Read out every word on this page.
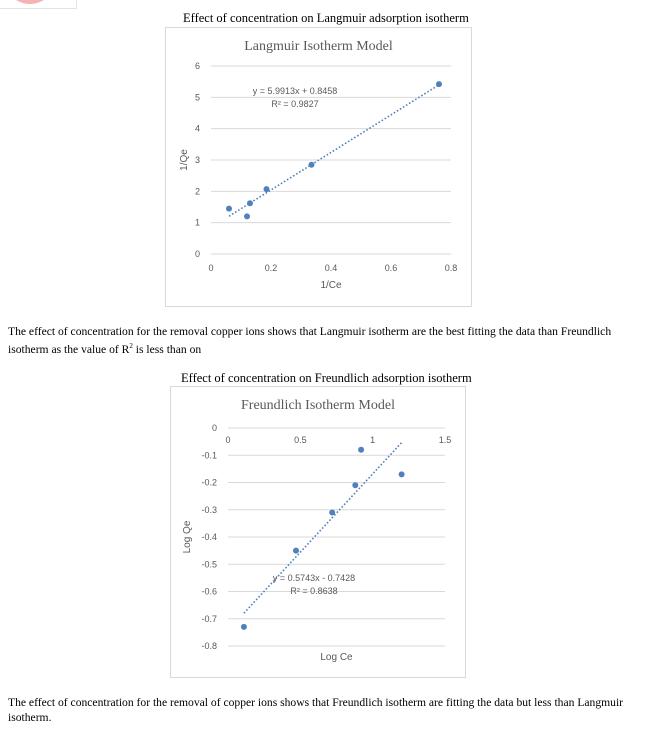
Effect of concentration on Langmuir adsorption isotherm
Langmuir Isotherm Model
0
1
2
3
4
5
6
0	0.2	0.4	0.6	0.8
1/Qe
1/Ce
y = 5.9913x + 0.8458
R² = 0.9827
The effect of concentration for the removal copper ions shows that Langmuir isotherm are the best fitting the data than Freundlich isotherm as the value of $R^2$ is less than on
Effect of concentration on Freundlich adsorption isotherm
Freundlich Isotherm Model
0
-0.1
-0.2
-0.3
-0.4
-0.5
-0.6
-0.7
-0.8
0	0.5	1	1.5
Log Qe
Log Ce
y = 0.5743x - 0.7428
R² = 0.8638
The effect of concentration for the removal of copper ions shows that Freundlich isotherm are fitting the data but less than Langmuir isotherm.
